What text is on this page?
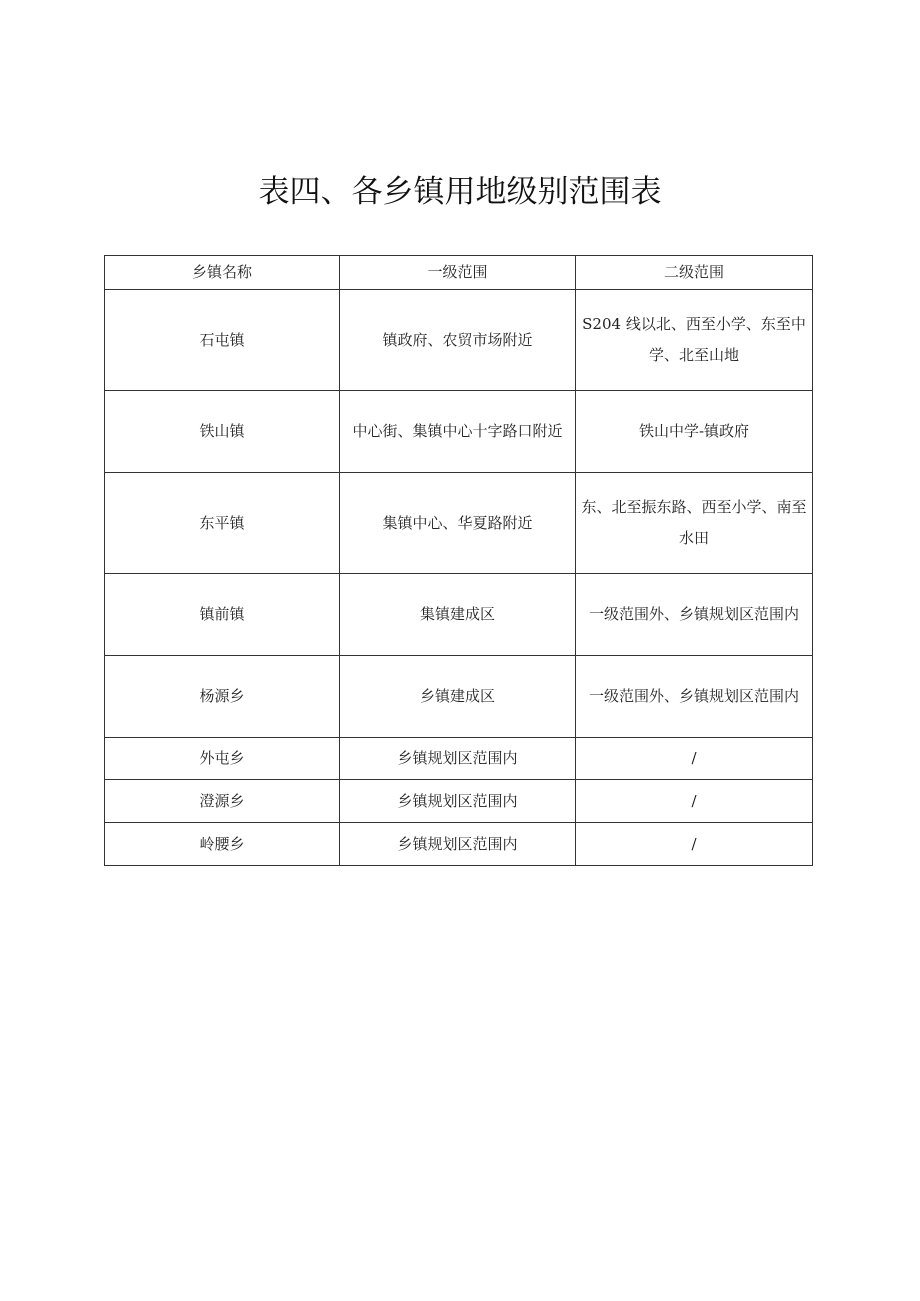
表四、各乡镇用地级别范围表
乡镇名称	一级范围	二级范围
石屯镇	镇政府、农贸市场附近	S204 线以北、西至小学、东至中学、北至山地
铁山镇	中心街、集镇中心十字路口附近	铁山中学-镇政府
东平镇	集镇中心、华夏路附近	东、北至振东路、西至小学、南至水田
镇前镇	集镇建成区	一级范围外、乡镇规划区范围内
杨源乡	乡镇建成区	一级范围外、乡镇规划区范围内
外屯乡	乡镇规划区范围内	/
澄源乡	乡镇规划区范围内	/
岭腰乡	乡镇规划区范围内	/
